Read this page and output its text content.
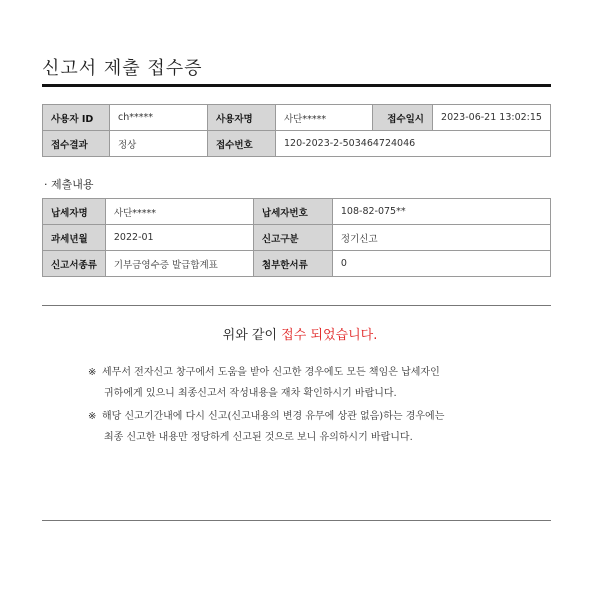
신고서 제출 접수증
사용자 ID	ch*****	사용자명	사단*****	접수일시	2023-06-21 13:02:15
접수결과	정상	접수번호	120-2023-2-503464724046		
· 제출내용
납세자명	사단*****	납세자번호	108-82-075**
과세년월	2022-01	신고구분	정기신고
신고서종류	기부금영수증 발급합계표	첨부한서류	0
위와 같이 접수 되었습니다.
※ 세무서 전자신고 창구에서 도움을 받아 신고한 경우에도 모든 책임은 납세자인
귀하에게 있으니 최종신고서 작성내용을 재차 확인하시기 바랍니다.
※ 해당 신고기간내에 다시 신고(신고내용의 변경 유무에 상관 없음)하는 경우에는
최종 신고한 내용만 정당하게 신고된 것으로 보니 유의하시기 바랍니다.
